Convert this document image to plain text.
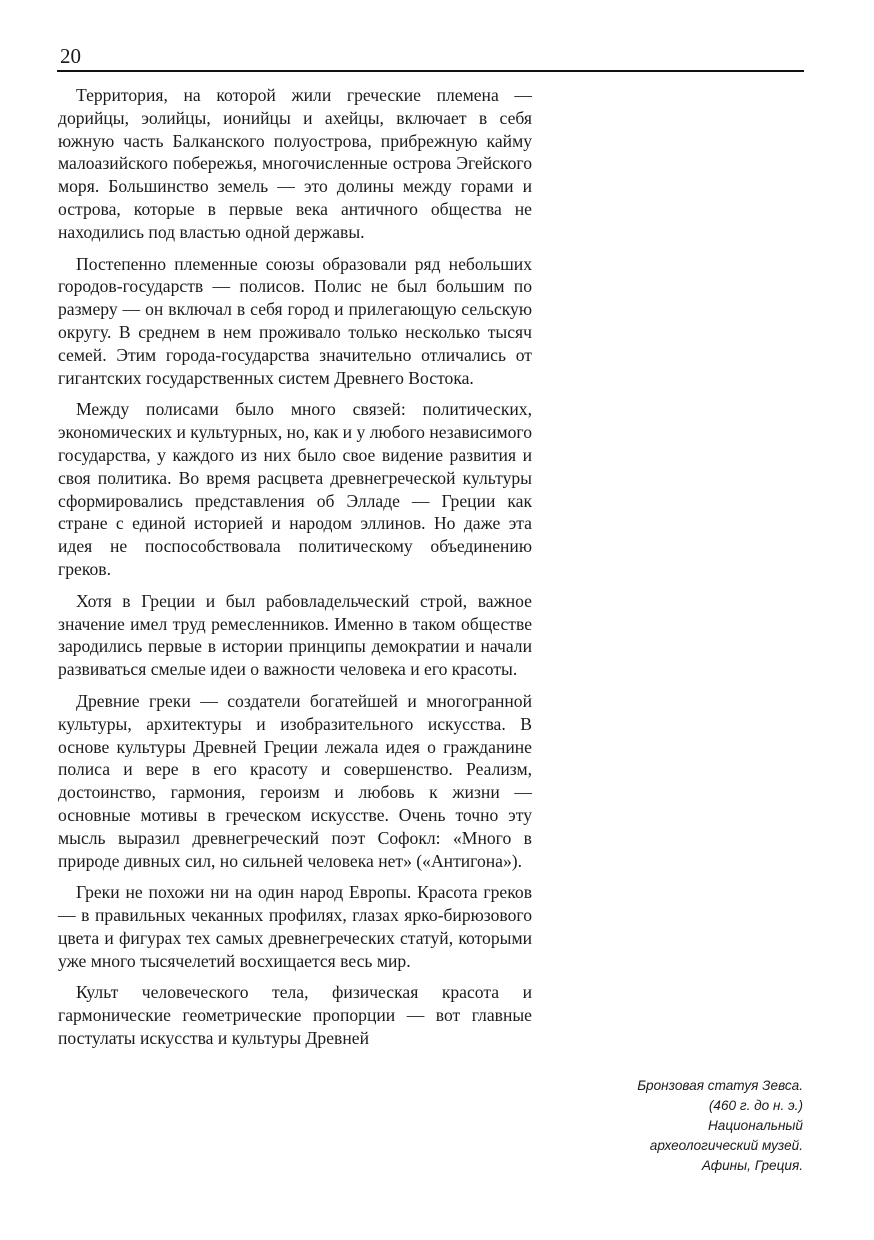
20

Территория, на которой жили греческие племена — дорийцы, эолийцы, ионийцы и ахейцы, включает в себя южную часть Балканского полуострова, прибрежную кайму малоазийского побережья, многочисленные острова Эгейского моря. Большинство земель — это долины между горами и острова, которые в первые века античного общества не находились под властью одной державы.

Постепенно племенные союзы образовали ряд небольших городов-государств — полисов. Полис не был большим по размеру — он включал в себя город и прилегающую сельскую округу. В среднем в нем проживало только несколько тысяч семей. Этим города-государства значительно отличались от гигантских государственных систем Древнего Востока.

Между полисами было много связей: политических, экономических и культурных, но, как и у любого независимого государства, у каждого из них было свое видение развития и своя политика. Во время расцвета древнегреческой культуры сформировались представления об Элладе — Греции как стране с единой историей и народом эллинов. Но даже эта идея не поспособствовала политическому объединению греков.

Хотя в Греции и был рабовладельческий строй, важное значение имел труд ремесленников. Именно в таком обществе зародились первые в истории принципы демократии и начали развиваться смелые идеи о важности человека и его красоты.

Древние греки — создатели богатейшей и многогранной культуры, архитектуры и изобразительного искусства. В основе культуры Древней Греции лежала идея о гражданине полиса и вере в его красоту и совершенство. Реализм, достоинство, гармония, героизм и любовь к жизни — основные мотивы в греческом искусстве. Очень точно эту мысль выразил древнегреческий поэт Софокл: «Много в природе дивных сил, но сильней человека нет» («Антигона»).

Греки не похожи ни на один народ Европы. Красота греков — в правильных чеканных профилях, глазах ярко-бирюзового цвета и фигурах тех самых древнегреческих статуй, которыми уже много тысячелетий восхищается весь мир.

Культ человеческого тела, физическая красота и гармонические геометрические пропорции — вот главные постулаты искусства и культуры Древней

Бронзовая статуя Зевса.
(460 г. до н. э.)
Национальный
археологический музей.
Афины, Греция.
